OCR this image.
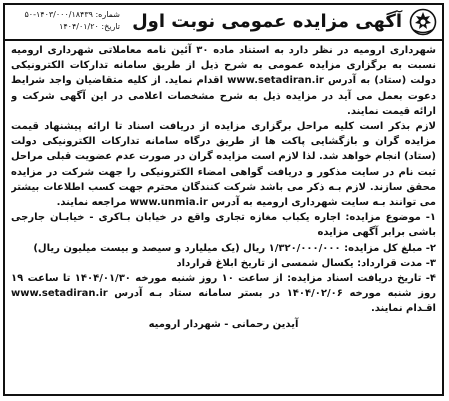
شماره: ۱۴۰۳/۰۰۰/۱۸۴۳۹-۵۰
تاریخ: ۱۴۰۴/۰۱/۲۰ آگهی مزایده عمومی نوبت اول

شهرداری ارومیه در نظر دارد به استناد ماده ۳۰ آئین نامه معاملاتی شهرداری ارومیه نسبت به برگزاری مزایده عمومی به شرح ذیل از طریق سامانه تدارکات الکترونیکی دولت (ستاد) به آدرس www.setadiran.ir اقدام نماید. از کلیه متقاضیان واجد شرایط دعوت بعمل می آید در مزایده ذیل به شرح مشخصات اعلامی در این آگهی شرکت و ارائه قیمت نمایند.

لازم بذکر است کلیه مراحل برگزاری مزایده از دریافت اسناد تا ارائه پیشنهاد قیمت مزایده گران و بازگشایی پاکت ها از طریق درگاه سامانه تدارکات الکترونیکی دولت (ستاد) انجام خواهد شد. لذا لازم است مزایده گران در صورت عدم عضویت قبلی مراحل ثبت نام در سایت مذکور و دریافت گواهی امضاء الکترونیکی را جهت شرکت در مزایده محقق سازند. لازم بـه ذکر می باشد شرکت کنندگان محترم جهت کسب اطلاعات بیشتر می توانند بـه سایت شهرداری ارومیه به آدرس www.unmia.ir مراجعه نمایند.

۱- موضوع مزایده: اجاره یکباب مغازه تجاری واقع در خیابان بـاکری - خیابـان جارجی باشی برابر آگهی مزایده

۲- مبلغ کل مزایده: ۱/۳۲۰/۰۰۰/۰۰۰ ریال (یک میلیارد و سیصد و بیست میلیون ریال)

۳- مدت قرارداد: یکسال شمسی از تاریخ ابلاغ قرارداد

۴- تاریخ دریافت اسناد مزایده: از ساعت ۱۰ روز شنبه مورخه ۱۴۰۴/۰۱/۳۰ تا ساعت ۱۹ روز شنبه مورخه ۱۴۰۴/۰۲/۰۶ در بستر سامانه ستاد بـه آدرس www.setadiran.ir اقـدام نمایند.

آیدین رحمانی - شهردار ارومیه
